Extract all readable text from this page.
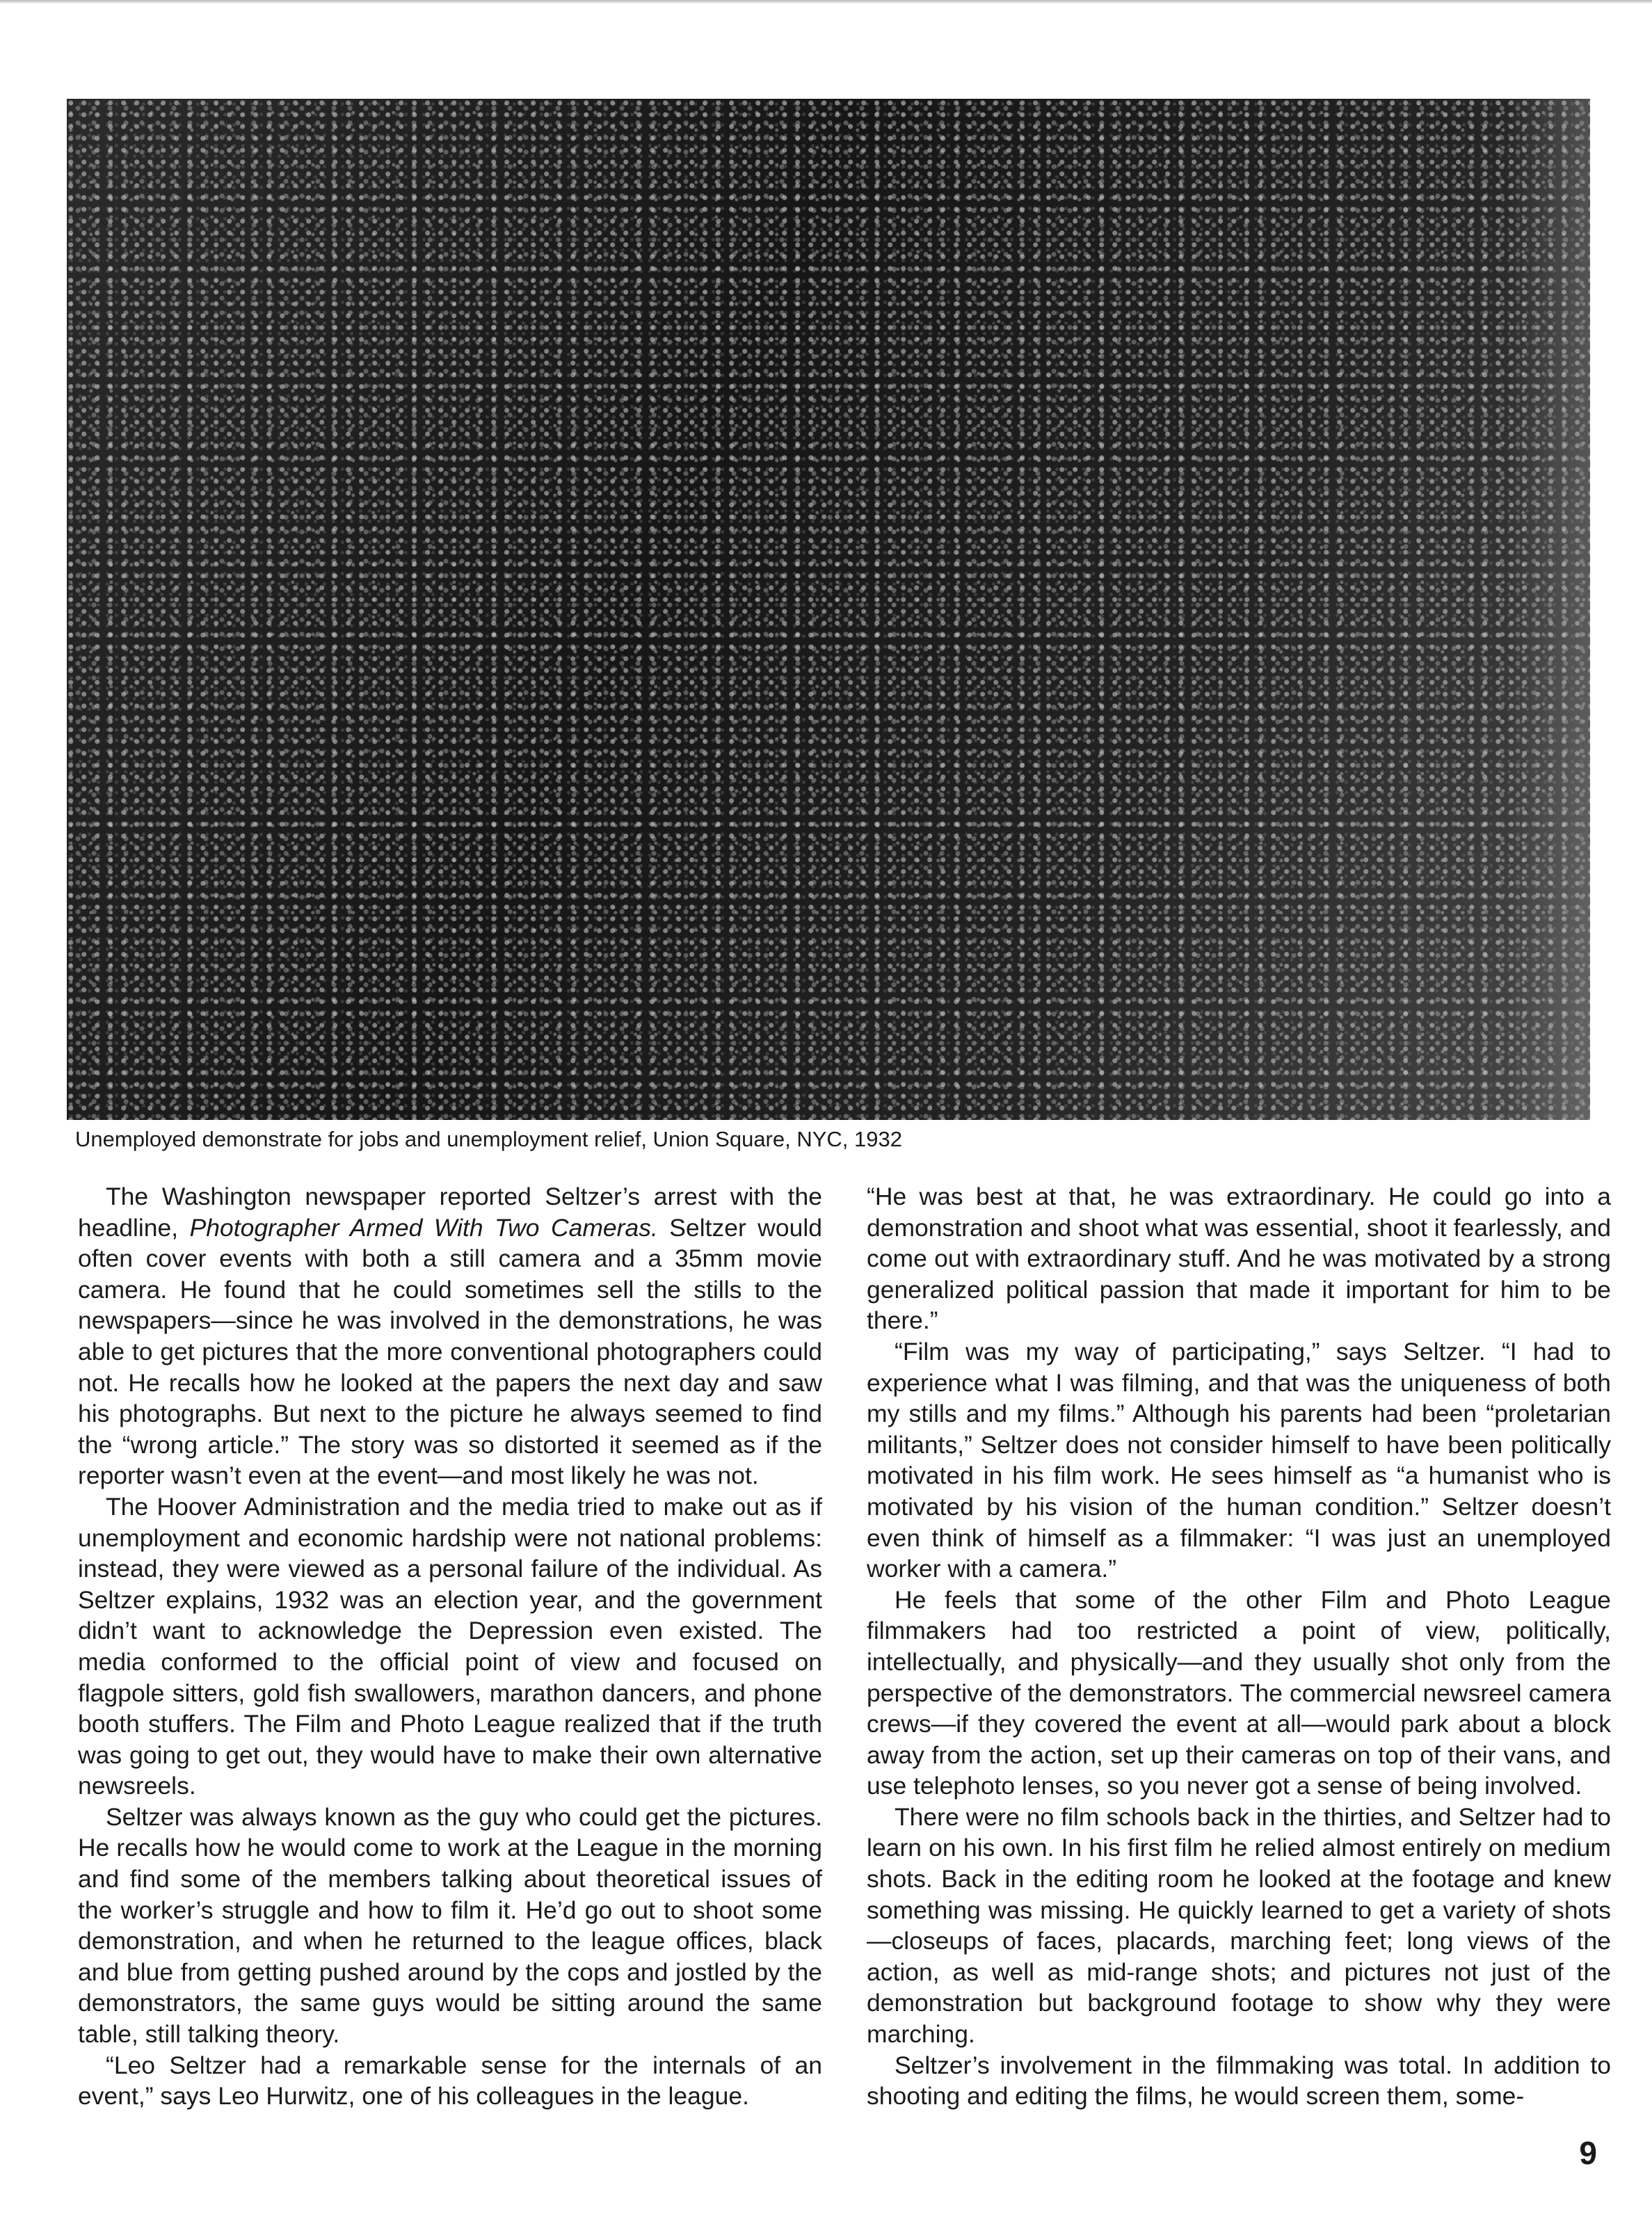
Unemployed demonstrate for jobs and unemployment relief, Union Square, NYC, 1932

The Washington newspaper reported Seltzer’s arrest with the headline, Photographer Armed With Two Cameras. Seltzer would often cover events with both a still camera and a 35mm movie camera. He found that he could sometimes sell the stills to the newspapers—since he was involved in the demonstrations, he was able to get pictures that the more conventional photographers could not. He recalls how he looked at the papers the next day and saw his photographs. But next to the picture he always seemed to find the “wrong article.” The story was so distorted it seemed as if the reporter wasn’t even at the event—and most likely he was not.

The Hoover Administration and the media tried to make out as if unemployment and economic hardship were not national problems: instead, they were viewed as a personal failure of the individual. As Seltzer explains, 1932 was an election year, and the government didn’t want to acknowledge the Depression even existed. The media conformed to the official point of view and focused on flagpole sitters, gold fish swallowers, marathon dancers, and phone booth stuffers. The Film and Photo League realized that if the truth was going to get out, they would have to make their own alternative newsreels.

Seltzer was always known as the guy who could get the pictures. He recalls how he would come to work at the League in the morning and find some of the members talking about theoretical issues of the worker’s struggle and how to film it. He’d go out to shoot some demonstration, and when he returned to the league offices, black and blue from getting pushed around by the cops and jostled by the demonstrators, the same guys would be sitting around the same table, still talking theory.

“Leo Seltzer had a remarkable sense for the internals of an event,” says Leo Hurwitz, one of his colleagues in the league.

“He was best at that, he was extraordinary. He could go into a demonstration and shoot what was essential, shoot it fearlessly, and come out with extraordinary stuff. And he was motivated by a strong generalized political passion that made it important for him to be there.”

“Film was my way of participating,” says Seltzer. “I had to experience what I was filming, and that was the uniqueness of both my stills and my films.” Although his parents had been “proletarian militants,” Seltzer does not consider himself to have been politically motivated in his film work. He sees himself as “a humanist who is motivated by his vision of the human condition.” Seltzer doesn’t even think of himself as a filmmaker: “I was just an unemployed worker with a camera.”

He feels that some of the other Film and Photo League filmmakers had too restricted a point of view, politically, intellectually, and physically—and they usually shot only from the perspective of the demonstrators. The commercial newsreel camera crews—if they covered the event at all—would park about a block away from the action, set up their cameras on top of their vans, and use telephoto lenses, so you never got a sense of being involved.

There were no film schools back in the thirties, and Seltzer had to learn on his own. In his first film he relied almost entirely on medium shots. Back in the editing room he looked at the footage and knew something was missing. He quickly learned to get a variety of shots—closeups of faces, placards, marching feet; long views of the action, as well as mid-range shots; and pictures not just of the demonstration but background footage to show why they were marching.

Seltzer’s involvement in the filmmaking was total. In addition to shooting and editing the films, he would screen them, some-

9
